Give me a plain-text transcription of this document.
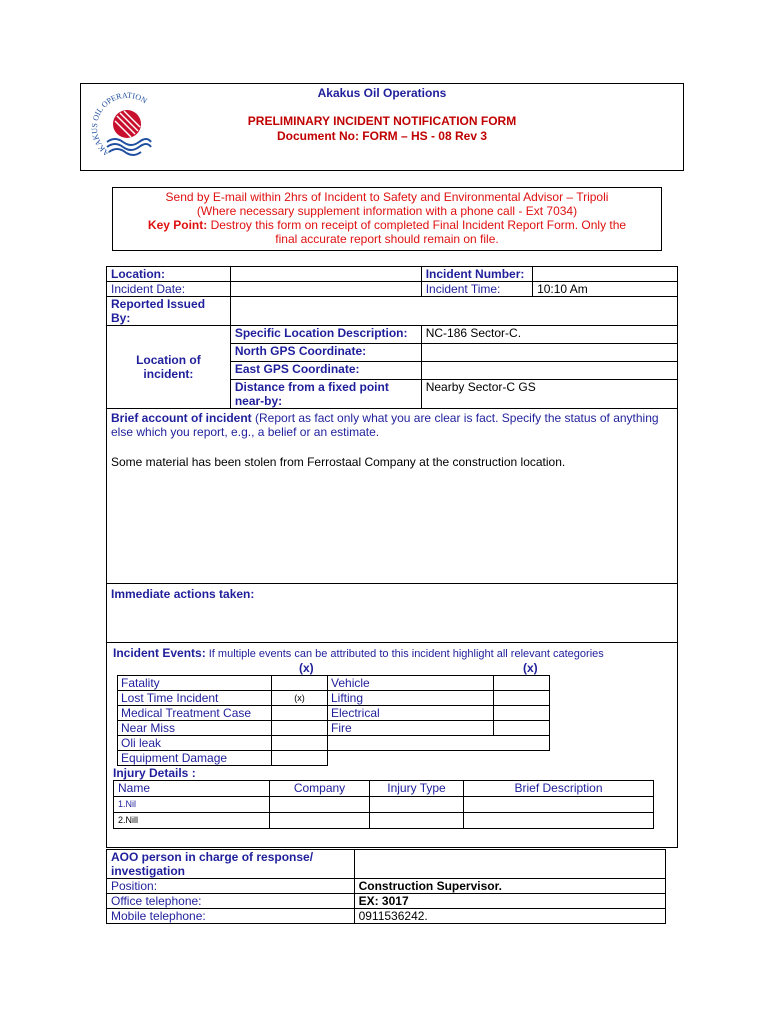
AKAKUS OIL OPERATIONS
Akakus Oil Operations
PRELIMINARY INCIDENT NOTIFICATION FORM
Document No: FORM – HS - 08 Rev 3
Send by E-mail within 2hrs of Incident to Safety and Environmental Advisor – Tripoli
(Where necessary supplement information with a phone call - Ext 7034)
Key Point: Destroy this form on receipt of completed Final Incident Report Form. Only the
final accurate report should remain on file.
Location:		Incident Number:	
Incident Date:		Incident Time:	10:10 Am
Reported Issued By:	
Location of incident:	Specific Location Description:	NC-186 Sector-C.
North GPS Coordinate:	
East GPS Coordinate:	
Distance from a fixed point near-by:	Nearby Sector-C GS

Brief account of incident (Report as fact only what you are clear is fact. Specify the status of anything else which you report, e.g., a belief or an estimate.
Some material has been stolen from Ferrostaal Company at the construction location.

Immediate actions taken:

Incident Events: If multiple events can be attributed to this incident highlight all relevant categories
(x)	(x)
Fatality		Vehicle	
Lost Time Incident	(x)	Lifting	
Medical Treatment Case		Electrical	
Near Miss		Fire	
Oli leak		
Equipment Damage		
Injury Details :
Name	Company	Injury Type	Brief Description
1.Nil			
2.Nill			
AOO person in charge of response/ investigation	
Position:	Construction Supervisor.
Office telephone:	EX: 3017
Mobile telephone:	0911536242.
